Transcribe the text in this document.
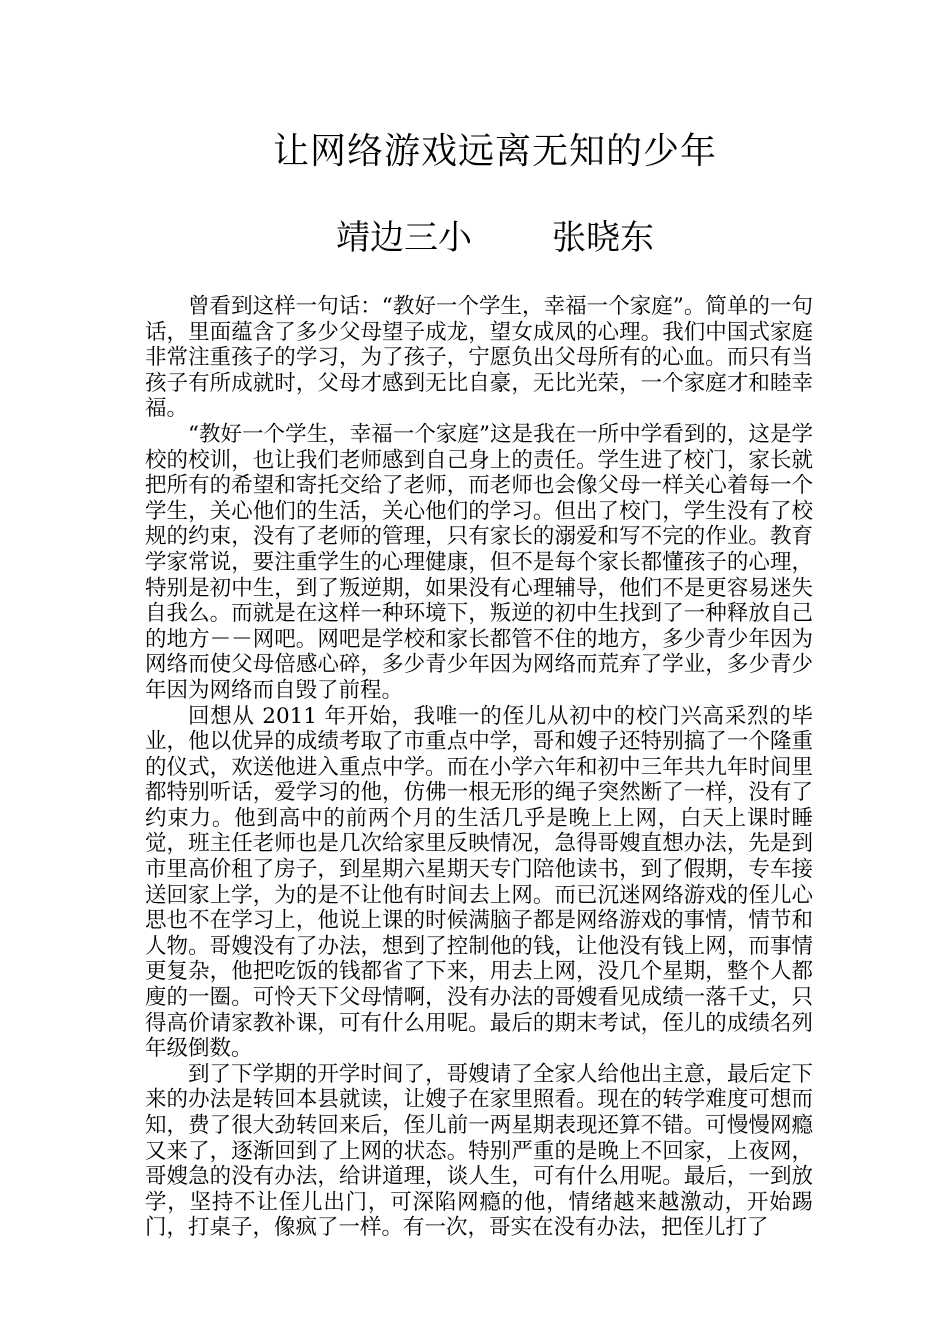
让网络游戏远离无知的少年
靖边三小 张晓东

曾看到这样一句话：“教好一个学生，幸福一个家庭”。简单的一句话，里面蕴含了多少父母望子成龙，望女成凤的心理。我们中国式家庭非常注重孩子的学习，为了孩子，宁愿负出父母所有的心血。而只有当孩子有所成就时，父母才感到无比自豪，无比光荣，一个家庭才和睦幸福。

“教好一个学生，幸福一个家庭”这是我在一所中学看到的，这是学校的校训，也让我们老师感到自己身上的责任。学生进了校门，家长就把所有的希望和寄托交给了老师，而老师也会像父母一样关心着每一个学生，关心他们的生活，关心他们的学习。但出了校门，学生没有了校规的约束，没有了老师的管理，只有家长的溺爱和写不完的作业。教育学家常说，要注重学生的心理健康，但不是每个家长都懂孩子的心理，特别是初中生，到了叛逆期，如果没有心理辅导，他们不是更容易迷失自我么。而就是在这样一种环境下，叛逆的初中生找到了一种释放自己的地方－－网吧。网吧是学校和家长都管不住的地方，多少青少年因为网络而使父母倍感心碎，多少青少年因为网络而荒弃了学业，多少青少年因为网络而自毁了前程。

回想从 2011 年开始，我唯一的侄儿从初中的校门兴高采烈的毕业，他以优异的成绩考取了市重点中学，哥和嫂子还特别搞了一个隆重的仪式，欢送他进入重点中学。而在小学六年和初中三年共九年时间里都特别听话，爱学习的他，仿佛一根无形的绳子突然断了一样，没有了约束力。他到高中的前两个月的生活几乎是晚上上网，白天上课时睡觉，班主任老师也是几次给家里反映情况，急得哥嫂直想办法，先是到市里高价租了房子，到星期六星期天专门陪他读书，到了假期，专车接送回家上学，为的是不让他有时间去上网。而已沉迷网络游戏的侄儿心思也不在学习上，他说上课的时候满脑子都是网络游戏的事情，情节和人物。哥嫂没有了办法，想到了控制他的钱，让他没有钱上网，而事情更复杂，他把吃饭的钱都省了下来，用去上网，没几个星期，整个人都廋的一圈。可怜天下父母情啊，没有办法的哥嫂看见成绩一落千丈，只得高价请家教补课，可有什么用呢。最后的期末考试，侄儿的成绩名列年级倒数。

到了下学期的开学时间了，哥嫂请了全家人给他出主意，最后定下来的办法是转回本县就读，让嫂子在家里照看。现在的转学难度可想而知，费了很大劲转回来后，侄儿前一两星期表现还算不错。可慢慢网瘾又来了，逐渐回到了上网的状态。特别严重的是晚上不回家，上夜网，哥嫂急的没有办法，给讲道理，谈人生，可有什么用呢。最后，一到放学，坚持不让侄儿出门，可深陷网瘾的他，情绪越来越激动，开始踢门，打桌子，像疯了一样。有一次，哥实在没有办法，把侄儿打了
